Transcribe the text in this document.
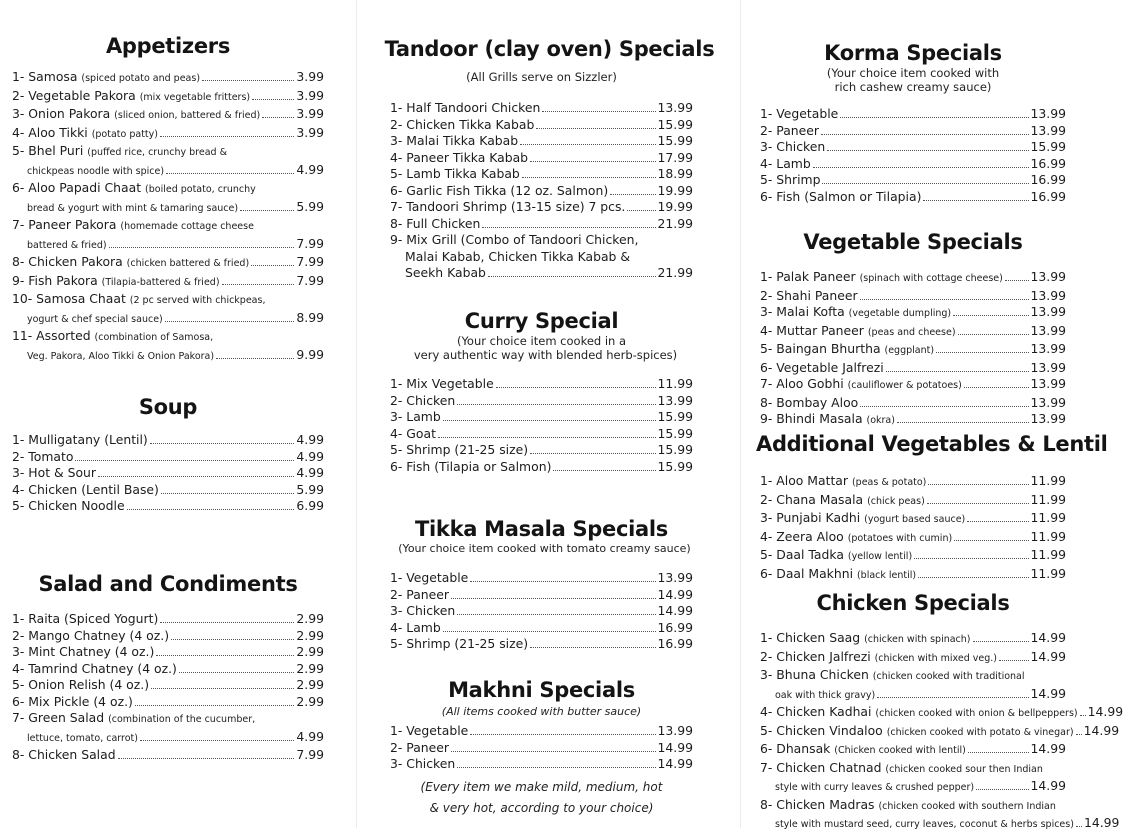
Appetizers
1- Samosa (spiced potato and peas)	3.99
2- Vegetable Pakora (mix vegetable fritters)	3.99
3- Onion Pakora (sliced onion, battered & fried)	3.99
4- Aloo Tikki (potato patty)	3.99
5- Bhel Puri (puffed rice, crunchy bread &
chickpeas noodle with spice)	4.99
6- Aloo Papadi Chaat (boiled potato, crunchy
bread & yogurt with mint & tamaring sauce)	5.99
7- Paneer Pakora (homemade cottage cheese
battered & fried)	7.99
8- Chicken Pakora (chicken battered & fried)	7.99
9- Fish Pakora (Tilapia-battered & fried)	7.99
10- Samosa Chaat (2 pc served with chickpeas,
yogurt & chef special sauce)	8.99
11- Assorted (combination of Samosa,
Veg. Pakora, Aloo Tikki & Onion Pakora)	9.99
Soup
1- Mulligatany (Lentil)	4.99
2- Tomato	4.99
3- Hot & Sour	4.99
4- Chicken (Lentil Base)	5.99
5- Chicken Noodle	6.99
Salad and Condiments
1- Raita (Spiced Yogurt)	2.99
2- Mango Chatney (4 oz.)	2.99
3- Mint Chatney (4 oz.)	2.99
4- Tamrind Chatney (4 oz.)	2.99
5- Onion Relish (4 oz.)	2.99
6- Mix Pickle (4 oz.)	2.99
7- Green Salad (combination of the cucumber,
lettuce, tomato, carrot)	4.99
8- Chicken Salad	7.99
Tandoor (clay oven) Specials
(All Grills serve on Sizzler)
1- Half Tandoori Chicken	13.99
2- Chicken Tikka Kabab	15.99
3- Malai Tikka Kabab	15.99
4- Paneer Tikka Kabab	17.99
5- Lamb Tikka Kabab	18.99
6- Garlic Fish Tikka (12 oz. Salmon)	19.99
7- Tandoori Shrimp (13-15 size) 7 pcs.	19.99
8- Full Chicken	21.99
9- Mix Grill (Combo of Tandoori Chicken,
Malai Kabab, Chicken Tikka Kabab &
Seekh Kabab	21.99
Curry Special
(Your choice item cooked in a
very authentic way with blended herb-spices)
1- Mix Vegetable	11.99
2- Chicken	13.99
3- Lamb	15.99
4- Goat	15.99
5- Shrimp (21-25 size)	15.99
6- Fish (Tilapia or Salmon)	15.99
Tikka Masala Specials
(Your choice item cooked with tomato creamy sauce)
1- Vegetable	13.99
2- Paneer	14.99
3- Chicken	14.99
4- Lamb	16.99
5- Shrimp (21-25 size)	16.99
Makhni Specials
(All items cooked with butter sauce)
1- Vegetable	13.99
2- Paneer	14.99
3- Chicken	14.99
(Every item we make mild, medium, hot
& very hot, according to your choice)
Korma Specials
(Your choice item cooked with
rich cashew creamy sauce)
1- Vegetable	13.99
2- Paneer	13.99
3- Chicken	15.99
4- Lamb	16.99
5- Shrimp	16.99
6- Fish (Salmon or Tilapia)	16.99
Vegetable Specials
1- Palak Paneer (spinach with cottage cheese) 13.99
2- Shahi Paneer	13.99
3- Malai Kofta (vegetable dumpling)	13.99
4- Muttar Paneer (peas and cheese)	13.99
5- Baingan Bhurtha (eggplant)	13.99
6- Vegetable Jalfrezi	13.99
7- Aloo Gobhi (cauliflower & potatoes)	13.99
8- Bombay Aloo	13.99
9- Bhindi Masala (okra)	13.99
Additional Vegetables & Lentil
1- Aloo Mattar (peas & potato)	11.99
2- Chana Masala (chick peas)	11.99
3- Punjabi Kadhi (yogurt based sauce)	11.99
4- Zeera Aloo (potatoes with cumin)	11.99
5- Daal Tadka (yellow lentil)	11.99
6- Daal Makhni (black lentil)	11.99
Chicken Specials
1- Chicken Saag (chicken with spinach)	14.99
2- Chicken Jalfrezi (chicken with mixed veg.)	14.99
3- Bhuna Chicken (chicken cooked with traditional
oak with thick gravy)	14.99
4- Chicken Kadhai (chicken cooked with onion & bellpeppers) 14.99
5- Chicken Vindaloo (chicken cooked with potato & vinegar) 14.99
6- Dhansak (Chicken cooked with lentil)	14.99
7- Chicken Chatnad (chicken cooked sour then Indian
style with curry leaves & crushed pepper)	14.99
8- Chicken Madras (chicken cooked with southern Indian
style with mustard seed, curry leaves, coconut & herbs spices) 14.99
